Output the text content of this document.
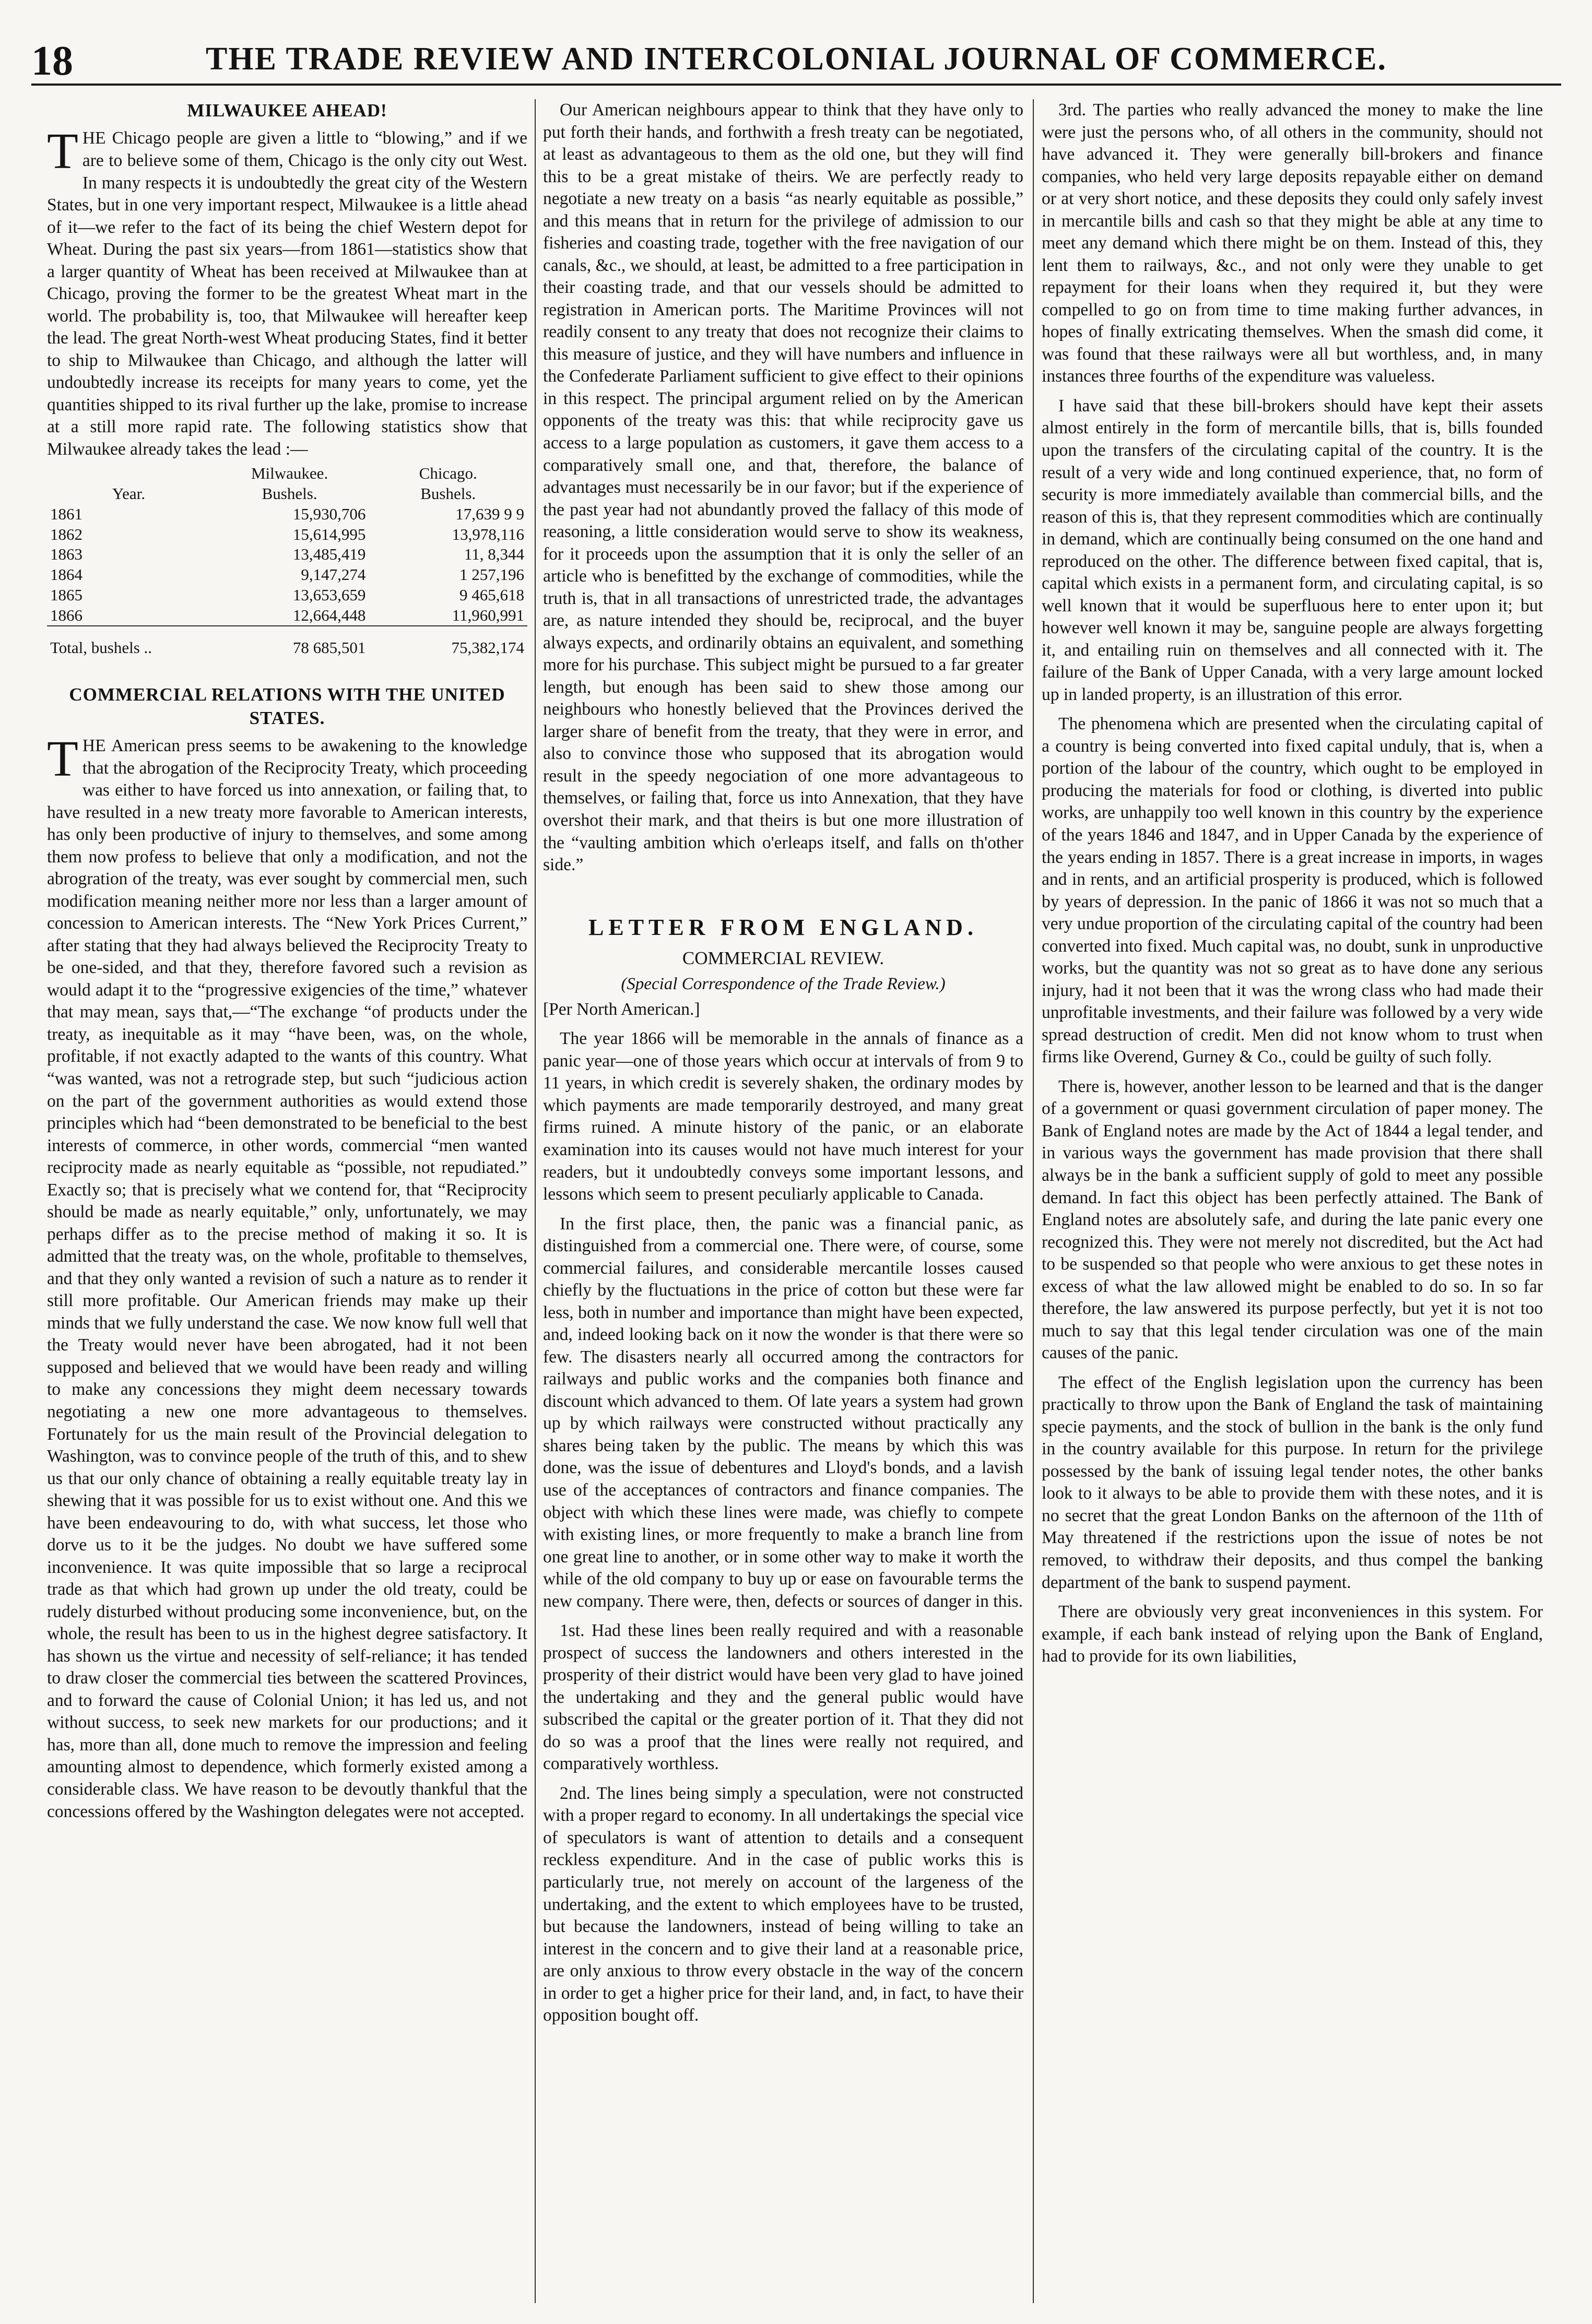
18	THE TRADE REVIEW AND INTERCOLONIAL JOURNAL OF COMMERCE.
MILWAUKEE AHEAD!

THE Chicago people are given a little to “blowing,” and if we are to believe some of them, Chicago is the only city out West. In many respects it is undoubtedly the great city of the Western States, but in one very important respect, Milwaukee is a little ahead of it—we refer to the fact of its being the chief Western depot for Wheat. During the past six years—from 1861—statistics show that a larger quantity of Wheat has been received at Milwaukee than at Chicago, proving the former to be the greatest Wheat mart in the world. The probability is, too, that Milwaukee will hereafter keep the lead. The great North-west Wheat producing States, find it better to ship to Milwaukee than Chicago, and although the latter will undoubtedly increase its receipts for many years to come, yet the quantities shipped to its rival further up the lake, promise to increase at a still more rapid rate. The following statistics show that Milwaukee already takes the lead :—

	Milwaukee.	Chicago.
Year.	Bushels.	Bushels.
1861	15,930,706	17,639 9 9
1862	15,614,995	13,978,116
1863	13,485,419	11, 8,344
1864	9,147,274	1 257,196
1865	13,653,659	9 465,618
1866	12,664,448	11,960,991
Total, bushels ..	78 685,501	75,382,174
COMMERCIAL RELATIONS WITH THE UNITED STATES.

THE American press seems to be awakening to the knowledge that the abrogation of the Reciprocity Treaty, which proceeding was either to have forced us into annexation, or failing that, to have resulted in a new treaty more favorable to American interests, has only been productive of injury to themselves, and some among them now profess to believe that only a modification, and not the abrogration of the treaty, was ever sought by commercial men, such modification meaning neither more nor less than a larger amount of concession to American interests. The “New York Prices Current,” after stating that they had always believed the Reciprocity Treaty to be one-sided, and that they, therefore favored such a revision as would adapt it to the “progressive exigencies of the time,” whatever that may mean, says that,—“The exchange “of products under the treaty, as inequitable as it may “have been, was, on the whole, profitable, if not exactly adapted to the wants of this country. What “was wanted, was not a retrograde step, but such “judicious action on the part of the government authorities as would extend those principles which had “been demonstrated to be beneficial to the best interests of commerce, in other words, commercial “men wanted reciprocity made as nearly equitable as “possible, not repudiated.” Exactly so; that is precisely what we contend for, that “Reciprocity should be made as nearly equitable,” only, unfortunately, we may perhaps differ as to the precise method of making it so. It is admitted that the treaty was, on the whole, profitable to themselves, and that they only wanted a revision of such a nature as to render it still more profitable. Our American friends may make up their minds that we fully understand the case. We now know full well that the Treaty would never have been abrogated, had it not been supposed and believed that we would have been ready and willing to make any concessions they might deem necessary towards negotiating a new one more advantageous to themselves. Fortunately for us the main result of the Provincial delegation to Washington, was to convince people of the truth of this, and to shew us that our only chance of obtaining a really equitable treaty lay in shewing that it was possible for us to exist without one. And this we have been endeavouring to do, with what success, let those who dorve us to it be the judges. No doubt we have suffered some inconvenience. It was quite impossible that so large a reciprocal trade as that which had grown up under the old treaty, could be rudely disturbed without producing some inconvenience, but, on the whole, the result has been to us in the highest degree satisfactory. It has shown us the virtue and necessity of self-reliance; it has tended to draw closer the commercial ties between the scattered Provinces, and to forward the cause of Colonial Union; it has led us, and not without success, to seek new markets for our productions; and it has, more than all, done much to remove the impression and feeling amounting almost to dependence, which formerly existed among a considerable class. We have reason to be devoutly thankful that the concessions offered by the Washington delegates were not accepted.

Our American neighbours appear to think that they have only to put forth their hands, and forthwith a fresh treaty can be negotiated, at least as advantageous to them as the old one, but they will find this to be a great mistake of theirs. We are perfectly ready to negotiate a new treaty on a basis “as nearly equitable as possible,” and this means that in return for the privilege of admission to our fisheries and coasting trade, together with the free navigation of our canals, &c., we should, at least, be admitted to a free participation in their coasting trade, and that our vessels should be admitted to registration in American ports. The Maritime Provinces will not readily consent to any treaty that does not recognize their claims to this measure of justice, and they will have numbers and influence in the Confederate Parliament sufficient to give effect to their opinions in this respect. The principal argument relied on by the American opponents of the treaty was this: that while reciprocity gave us access to a large population as customers, it gave them access to a comparatively small one, and that, therefore, the balance of advantages must necessarily be in our favor; but if the experience of the past year had not abundantly proved the fallacy of this mode of reasoning, a little consideration would serve to show its weakness, for it proceeds upon the assumption that it is only the seller of an article who is benefitted by the exchange of commodities, while the truth is, that in all transactions of unrestricted trade, the advantages are, as nature intended they should be, reciprocal, and the buyer always expects, and ordinarily obtains an equivalent, and something more for his purchase. This subject might be pursued to a far greater length, but enough has been said to shew those among our neighbours who honestly believed that the Provinces derived the larger share of benefit from the treaty, that they were in error, and also to convince those who supposed that its abrogation would result in the speedy negociation of one more advantageous to themselves, or failing that, force us into Annexation, that they have overshot their mark, and that theirs is but one more illustration of the “vaulting ambition which o'erleaps itself, and falls on th'other side.”

LETTER FROM ENGLAND.
COMMERCIAL REVIEW.
(Special Correspondence of the Trade Review.)

[Per North American.]

The year 1866 will be memorable in the annals of finance as a panic year—one of those years which occur at intervals of from 9 to 11 years, in which credit is severely shaken, the ordinary modes by which payments are made temporarily destroyed, and many great firms ruined. A minute history of the panic, or an elaborate examination into its causes would not have much interest for your readers, but it undoubtedly conveys some important lessons, and lessons which seem to present peculiarly applicable to Canada.

In the first place, then, the panic was a financial panic, as distinguished from a commercial one. There were, of course, some commercial failures, and considerable mercantile losses caused chiefly by the fluctuations in the price of cotton but these were far less, both in number and importance than might have been expected, and, indeed looking back on it now the wonder is that there were so few. The disasters nearly all occurred among the contractors for railways and public works and the companies both finance and discount which advanced to them. Of late years a system had grown up by which railways were constructed without practically any shares being taken by the public. The means by which this was done, was the issue of debentures and Lloyd's bonds, and a lavish use of the acceptances of contractors and finance companies. The object with which these lines were made, was chiefly to compete with existing lines, or more frequently to make a branch line from one great line to another, or in some other way to make it worth the while of the old company to buy up or ease on favourable terms the new company. There were, then, defects or sources of danger in this.

1st. Had these lines been really required and with a reasonable prospect of success the landowners and others interested in the prosperity of their district would have been very glad to have joined the undertaking and they and the general public would have subscribed the capital or the greater portion of it. That they did not do so was a proof that the lines were really not required, and comparatively worthless.

2nd. The lines being simply a speculation, were not constructed with a proper regard to economy. In all undertakings the special vice of speculators is want of attention to details and a consequent reckless expenditure. And in the case of public works this is particularly true, not merely on account of the largeness of the undertaking, and the extent to which employees have to be trusted, but because the landowners, instead of being willing to take an interest in the concern and to give their land at a reasonable price, are only anxious to throw every obstacle in the way of the concern in order to get a higher price for their land, and, in fact, to have their opposition bought off.

3rd. The parties who really advanced the money to make the line were just the persons who, of all others in the community, should not have advanced it. They were generally bill-brokers and finance companies, who held very large deposits repayable either on demand or at very short notice, and these deposits they could only safely invest in mercantile bills and cash so that they might be able at any time to meet any demand which there might be on them. Instead of this, they lent them to railways, &c., and not only were they unable to get repayment for their loans when they required it, but they were compelled to go on from time to time making further advances, in hopes of finally extricating themselves. When the smash did come, it was found that these railways were all but worthless, and, in many instances three fourths of the expenditure was valueless.

I have said that these bill-brokers should have kept their assets almost entirely in the form of mercantile bills, that is, bills founded upon the transfers of the circulating capital of the country. It is the result of a very wide and long continued experience, that, no form of security is more immediately available than commercial bills, and the reason of this is, that they represent commodities which are continually in demand, which are continually being consumed on the one hand and reproduced on the other. The difference between fixed capital, that is, capital which exists in a permanent form, and circulating capital, is so well known that it would be superfluous here to enter upon it; but however well known it may be, sanguine people are always forgetting it, and entailing ruin on themselves and all connected with it. The failure of the Bank of Upper Canada, with a very large amount locked up in landed property, is an illustration of this error.

The phenomena which are presented when the circulating capital of a country is being converted into fixed capital unduly, that is, when a portion of the labour of the country, which ought to be employed in producing the materials for food or clothing, is diverted into public works, are unhappily too well known in this country by the experience of the years 1846 and 1847, and in Upper Canada by the experience of the years ending in 1857. There is a great increase in imports, in wages and in rents, and an artificial prosperity is produced, which is followed by years of depression. In the panic of 1866 it was not so much that a very undue proportion of the circulating capital of the country had been converted into fixed. Much capital was, no doubt, sunk in unproductive works, but the quantity was not so great as to have done any serious injury, had it not been that it was the wrong class who had made their unprofitable investments, and their failure was followed by a very wide spread destruction of credit. Men did not know whom to trust when firms like Overend, Gurney & Co., could be guilty of such folly.

There is, however, another lesson to be learned and that is the danger of a government or quasi government circulation of paper money. The Bank of England notes are made by the Act of 1844 a legal tender, and in various ways the government has made provision that there shall always be in the bank a sufficient supply of gold to meet any possible demand. In fact this object has been perfectly attained. The Bank of England notes are absolutely safe, and during the late panic every one recognized this. They were not merely not discredited, but the Act had to be suspended so that people who were anxious to get these notes in excess of what the law allowed might be enabled to do so. In so far therefore, the law answered its purpose perfectly, but yet it is not too much to say that this legal tender circulation was one of the main causes of the panic.

The effect of the English legislation upon the currency has been practically to throw upon the Bank of England the task of maintaining specie payments, and the stock of bullion in the bank is the only fund in the country available for this purpose. In return for the privilege possessed by the bank of issuing legal tender notes, the other banks look to it always to be able to provide them with these notes, and it is no secret that the great London Banks on the afternoon of the 11th of May threatened if the restrictions upon the issue of notes be not removed, to withdraw their deposits, and thus compel the banking department of the bank to suspend payment.

There are obviously very great inconveniences in this system. For example, if each bank instead of relying upon the Bank of England, had to provide for its own liabilities,
